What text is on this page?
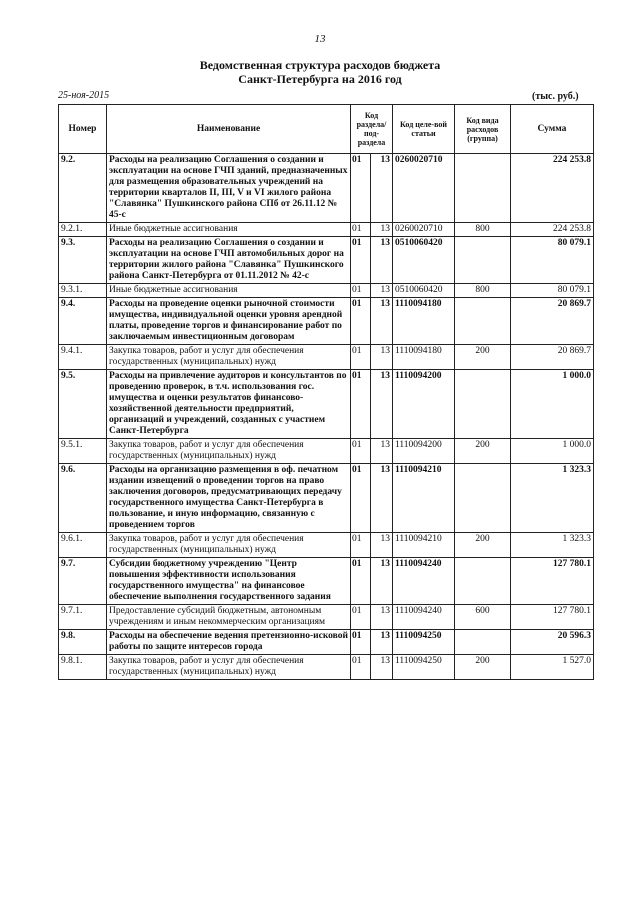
13
Ведомственная структура расходов бюджета
Санкт-Петербурга на 2016 год
25-ноя-2015	(тыс. руб.)
Номер	Наименование	Код раздела/ под-раздела		Код целе-вой статьи	Код вида расходов (группа)	Сумма
9.2.	Расходы на реализацию Соглашения о создании и эксплуатации на основе ГЧП зданий, предназначенных для размещения образовательных учреждений на территории кварталов II, III, V и VI жилого района "Славянка" Пушкинского района СПб от 26.11.12 № 45-с	01	13	0260020710		224 253.8
9.2.1.	Иные бюджетные ассигнования	01	13	0260020710	800	224 253.8
9.3.	Расходы на реализацию Соглашения о создании и эксплуатации на основе ГЧП автомобильных дорог на территории жилого района "Славянка" Пушкинского района Санкт-Петербурга от 01.11.2012 № 42-с	01	13	0510060420		80 079.1
9.3.1.	Иные бюджетные ассигнования	01	13	0510060420	800	80 079.1
9.4.	Расходы на проведение оценки рыночной стоимости имущества, индивидуальной оценки уровня арендной платы, проведение торгов и финансирование работ по заключаемым инвестиционным договорам	01	13	1110094180		20 869.7
9.4.1.	Закупка товаров, работ и услуг для обеспечения государственных (муниципальных) нужд	01	13	1110094180	200	20 869.7
9.5.	Расходы на привлечение аудиторов и консультантов по проведению проверок, в т.ч. использования гос. имущества и оценки результатов финансово-хозяйственной деятельности предприятий, организаций и учреждений, созданных с участием Санкт-Петербурга	01	13	1110094200		1 000.0
9.5.1.	Закупка товаров, работ и услуг для обеспечения государственных (муниципальных) нужд	01	13	1110094200	200	1 000.0
9.6.	Расходы на организацию размещения в оф. печатном издании извещений о проведении торгов на право заключения договоров, предусматривающих передачу государственного имущества Санкт-Петербурга в пользование, и иную информацию, связанную с проведением торгов	01	13	1110094210		1 323.3
9.6.1.	Закупка товаров, работ и услуг для обеспечения государственных (муниципальных) нужд	01	13	1110094210	200	1 323.3
9.7.	Субсидии бюджетному учреждению "Центр повышения эффективности использования государственного имущества" на финансовое обеспечение выполнения государственного задания	01	13	1110094240		127 780.1
9.7.1.	Предоставление субсидий бюджетным, автономным учреждениям и иным некоммерческим организациям	01	13	1110094240	600	127 780.1
9.8.	Расходы на обеспечение ведения претензионно-исковой работы по защите интересов города	01	13	1110094250		20 596.3
9.8.1.	Закупка товаров, работ и услуг для обеспечения государственных (муниципальных) нужд	01	13	1110094250	200	1 527.0
